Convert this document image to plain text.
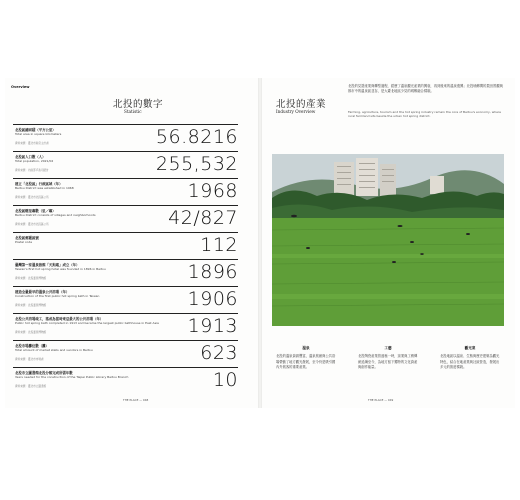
Overview
北投的數字
Statistic
北投區總面積（平方公里）
Total area in square kilometers
資料來源：臺北市政府主計處	56.8216
北投區人口數（人）
Total population, 2021/02
資料來源：內政部戶政司統計	255,532
建立「北投區」行政區域（年）
Beitou District was established in 1968
資料來源：臺北市北投區公所	1968
北投區轄里鄰數（里／鄰）
Beitou District consists of villages and neighborhoods
資料來源：臺北市北投區公所	42/827
北投區郵遞區號
Postal code	112
臺灣第一家溫泉旅館「天狗庵」成立（年）
Taiwan's first hot spring hotel was founded in 1896 in Beitou
資料來源：北投溫泉博物館	1896
建造全臺最早的溫泉公共浴場（年）
Construction of the first public hot spring bath in Taiwan
資料來源：北投溫泉博物館	1906
北投公共浴場竣工，落成為當時東亞最大的公共浴場（年）
Public hot spring bath completed in 1913 and became the largest public bathhouse in East Asia
資料來源：北投溫泉博物館	1913
北投市場攤位數（攤）
Total amount of market stalls and vendors in Beitou
資料來源：臺北市市場處	623
北投市立圖書館北投分館完成所需年數
Years needed for the construction of the Taipei Public Library Beitou Branch
資料來源：臺北市立圖書館	10
THE PLACE — 048
北投的產業
Industry Overview
北投的見證產業與轉型過程，經歷了溫泉觀光產業的興衰，再到後來的溫泉復興；北投埔鄉間的農田景觀與都市中的溫泉區並存，是大臺北地區少見的城鄉融合樣貌。
Farming, agriculture, tourism and the hot spring industry remain the core of Beitou's economy, where rural farmland sits beside the urban hot spring district.
溫泉
北投的溫泉資源豐富，溫泉旅館與公共浴場帶動了地方觀光發展，至今仍是吸引國內外旅客的重要產業。
工藝
北投陶瓷產業曾盛極一時，窯業與工藝傳統延續至今，為地方留下獨特的文化資產與創作能量。
觀光業
北投地區以溫泉、生態與歷史建築為觀光特色，結合在地產業與社區營造，發展出多元的旅遊樣貌。
THE PLACE — 049
